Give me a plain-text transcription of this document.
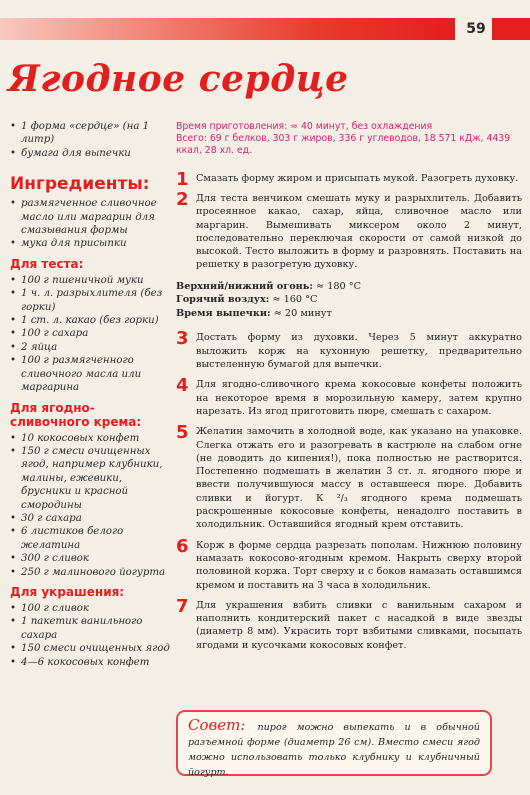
59
Ягодное сердце
• 1 форма «сердце» (на 1 литр)
• бумага для выпечки
Ингредиенты:
• размягченное сливочное масло или маргарин для смазывания формы
• мука для присыпки
Для теста:
• 100 г пшеничной муки
• 1 ч. л. разрыхлителя (без горки)
• 1 ст. л. какао (без горки)
• 100 г сахара
• 2 яйца
• 100 г размягченного сливочного масла или маргарина
Для ягодно-сливочного крема:
• 10 кокосовых конфет
• 150 г смеси очищенных ягод, например клубники, малины, ежевики, брусники и красной смородины
• 30 г сахара
• 6 листиков белого желатина
• 300 г сливок
• 250 г малинового йогурта
Для украшения:
• 100 г сливок
• 1 пакетик ванильного сахара
• 150 смеси очищенных ягод
• 4—6 кокосовых конфет
Время приготовления: ≈ 40 минут, без охлаждения
Всего: 69 г белков, 303 г жиров, 336 г углеводов, 18 571 кДж, 4439 ккал, 28 хл. ед.
1 Смазать форму жиром и присыпать мукой. Разогреть духовку.
2 Для теста венчиком смешать муку и разрыхлитель. Добавить просеянное какао, сахар, яйца, сливочное масло или маргарин. Вымешивать миксером около 2 минут, последовательно переключая скорости от самой низкой до высокой. Тесто выложить в форму и разровнять. Поставить на решетку в разогретую духовку.
Верхний/нижний огонь: ≈ 180 °C
Горячий воздух: ≈ 160 °C
Время выпечки: ≈ 20 минут
3 Достать форму из духовки. Через 5 минут аккуратно выложить корж на кухонную решетку, предварительно выстеленную бумагой для выпечки.
4 Для ягодно-сливочного крема кокосовые конфеты положить на некоторое время в морозильную камеру, затем крупно нарезать. Из ягод приготовить пюре, смешать с сахаром.
5 Желатин замочить в холодной воде, как указано на упаковке. Слегка отжать его и разогревать в кастрюле на слабом огне (не доводить до кипения!), пока полностью не растворится. Постепенно подмешать в желатин 3 ст. л. ягодного пюре и ввести получившуюся массу в оставшееся пюре. Добавить сливки и йогурт. К ²/₃ ягодного крема подмешать раскрошенные кокосовые конфеты, ненадолго поставить в холодильник. Оставшийся ягодный крем отставить.
6 Корж в форме сердца разрезать пополам. Нижнюю половину намазать кокосово-ягодным кремом. Накрыть сверху второй половиной коржа. Торт сверху и с боков намазать оставшимся кремом и поставить на 3 часа в холодильник.
7 Для украшения взбить сливки с ванильным сахаром и наполнить кондитерский пакет с насадкой в виде звезды (диаметр 8 мм). Украсить торт взбитыми сливками, посыпать ягодами и кусочками кокосовых конфет.

Совет: пирог можно выпекать и в обычной разъемной форме (диаметр 26 см). Вместо смеси ягод можно использовать только клубнику и клубничный йогурт.
